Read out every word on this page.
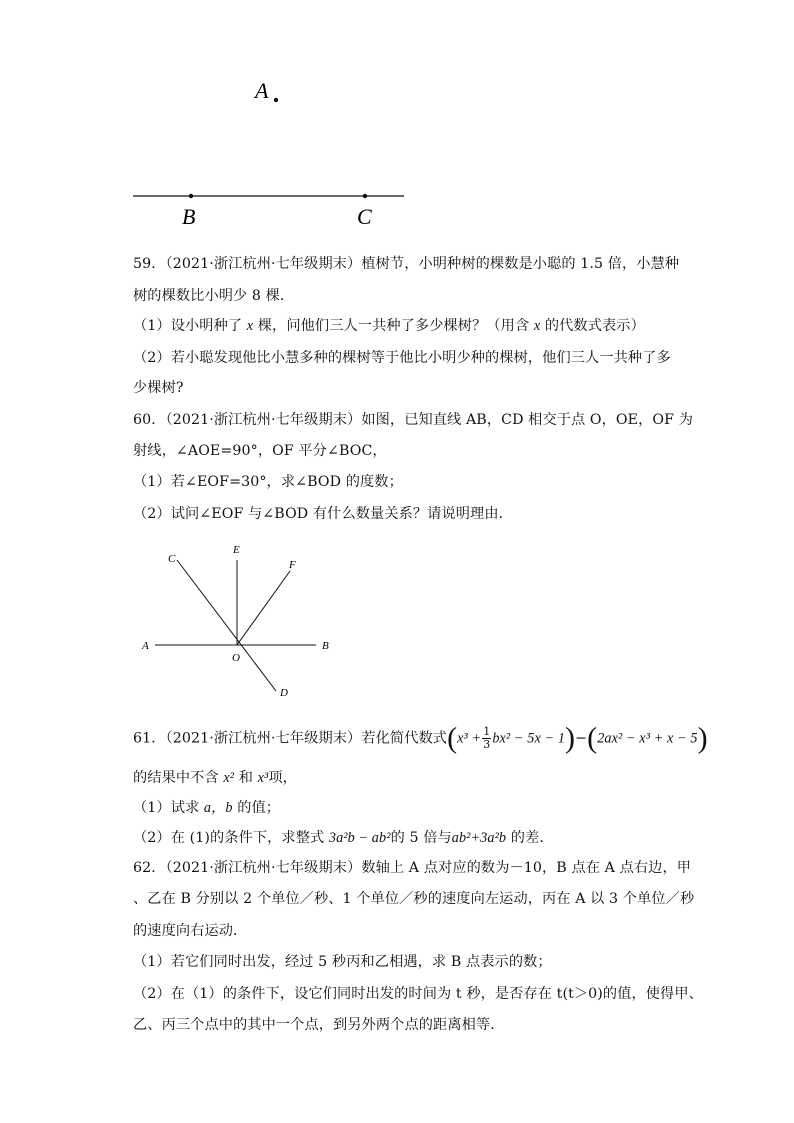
A
B	C
59．（2021·浙江杭州·七年级期末）植树节，小明种树的棵数是小聪的 1.5 倍，小慧种
树的棵数比小明少 8 棵．
（1）设小明种了 x 棵，问他们三人一共种了多少棵树？（用含 x 的代数式表示）
（2）若小聪发现他比小慧多种的棵树等于他比小明少种的棵树，他们三人一共种了多
少棵树?
60．（2021·浙江杭州·七年级期末）如图，已知直线 AB，CD 相交于点 O，OE，OF 为
射线，∠AOE=90°，OF 平分∠BOC，
（1）若∠EOF=30°，求∠BOD 的度数；
（2）试问∠EOF 与∠BOD 有什么数量关系？请说明理由．
C
E
F
A
O
B
D
61．（2021·浙江杭州·七年级期末）若化简代数式$(x^3 + \frac{1}{3} bx^2 - 5x - 1)-(2ax^2 - x^3 + x - 5)$
的结果中不含 x² 和 x³项，
（1）试求 a，b 的值；
（2）在 (1)的条件下，求整式 3a²b − ab²的 5 倍与ab²+3a²b 的差．
62．（2021·浙江杭州·七年级期末）数轴上 A 点对应的数为－10，B 点在 A 点右边，甲
、乙在 B 分别以 2 个单位／秒、1 个单位／秒的速度向左运动，丙在 A 以 3 个单位／秒
的速度向右运动．
（1）若它们同时出发，经过 5 秒丙和乙相遇，求 B 点表示的数；
（2）在（1）的条件下，设它们同时出发的时间为 t 秒，是否存在 t(t＞0)的值，使得甲、
乙、丙三个点中的其中一个点，到另外两个点的距离相等．
